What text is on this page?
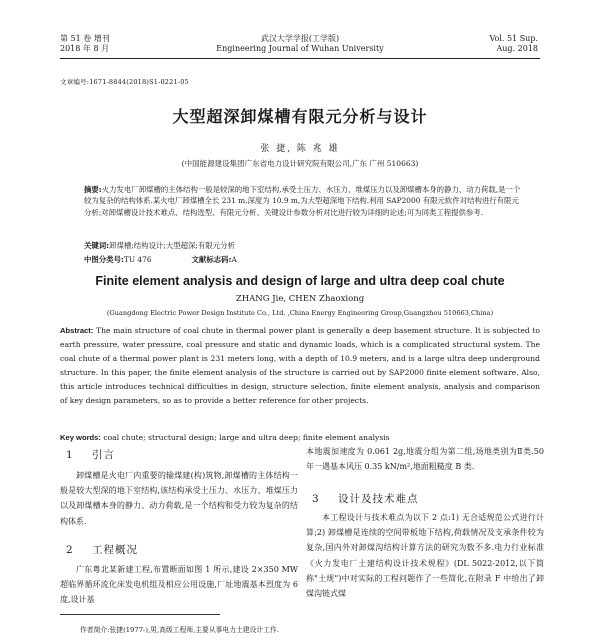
第 51 卷 增刊
2018 年 8 月
武汉大学学报(工学版)
Engineering Journal of Wuhan University
Vol. 51 Sup.
Aug. 2018
文章编号:1671-8844(2018)S1-0221-05
大型超深卸煤槽有限元分析与设计
张 捷, 陈 兆 雄
(中国能源建设集团广东省电力设计研究院有限公司,广东 广州 510663)
摘要:火力发电厂卸煤槽的主体结构一般是较深的地下室结构,承受土压力、水压力、堆煤压力以及卸煤槽本身的静力、动力荷载,是一个较为复杂的结构体系.某火电厂卸煤槽全长 231 m,深度为 10.9 m,为大型超深地下结构.利用 SAP2000 有限元软件对结构进行有限元分析;对卸煤槽设计技术难点、结构选型、有限元分析、关键设计参数分析对比进行较为详细的论述;可为同类工程提供参考.
关键词:卸煤槽;结构设计;大型超深;有限元分析
中图分类号:TU 476	文献标志码:A
Finite element analysis and design of large and ultra deep coal chute
ZHANG Jie, CHEN Zhaoxiong
(Guangdong Electric Power Design Institute Co., Ltd. ,China Energy Engineering Group,Guangzhou 510663,China)
Abstract: The main structure of coal chute in thermal power plant is generally a deep basement structure. It is subjected to earth pressure, water pressure, coal pressure and static and dynamic loads, which is a complicated structural system. The coal chute of a thermal power plant is 231 meters long, with a depth of 10.9 meters, and is a large ultra deep underground structure. In this paper, the finite element analysis of the structure is carried out by SAP2000 finite element software. Also, this article introduces technical difficulties in design, structure selection, finite element analysis, analysis and comparison of key design parameters, so as to provide a better reference for other projects.
Key words: coal chute; structural design; large and ultra deep; finite element analysis
1 引言
卸煤槽是火电厂内重要的输煤建(构)筑物,卸煤槽的主体结构一般是较大型深的地下室结构,该结构承受土压力、水压力、堆煤压力以及卸煤槽本身的静力、动力荷载,是一个结构和受力较为复杂的结构体系.
2 工程概况
广东粤北某新建工程,布置断面如图 1 所示,建设 2×350 MW 超临界循环流化床发电机组及相应公用设施,厂址地震基本烈度为 6 度,设计基
本地震加速度为 0.061 2g,地震分组为第二组,场地类别为Ⅱ类.50 年一遇基本风压 0.35 kN/m²,地面粗糙度 B 类.
3 设计及技术难点
本工程设计与技术难点为以下 2 点:1) 无合适规范公式进行计算;2) 卸煤槽是连续的空间带板地下结构,荷载情况及支承条件较为复杂,国内外对卸煤沟结构计算方法的研究为数不多.电力行业标准《火力发电厂土建结构设计技术规程》(DL 5022-2012,以下简称"土规")中对实际的工程问题作了一些简化,在附录 F 中给出了卸煤沟链式煤
作者简介:张捷(1977-),男,高级工程师,主要从事电力土建设计工作.
